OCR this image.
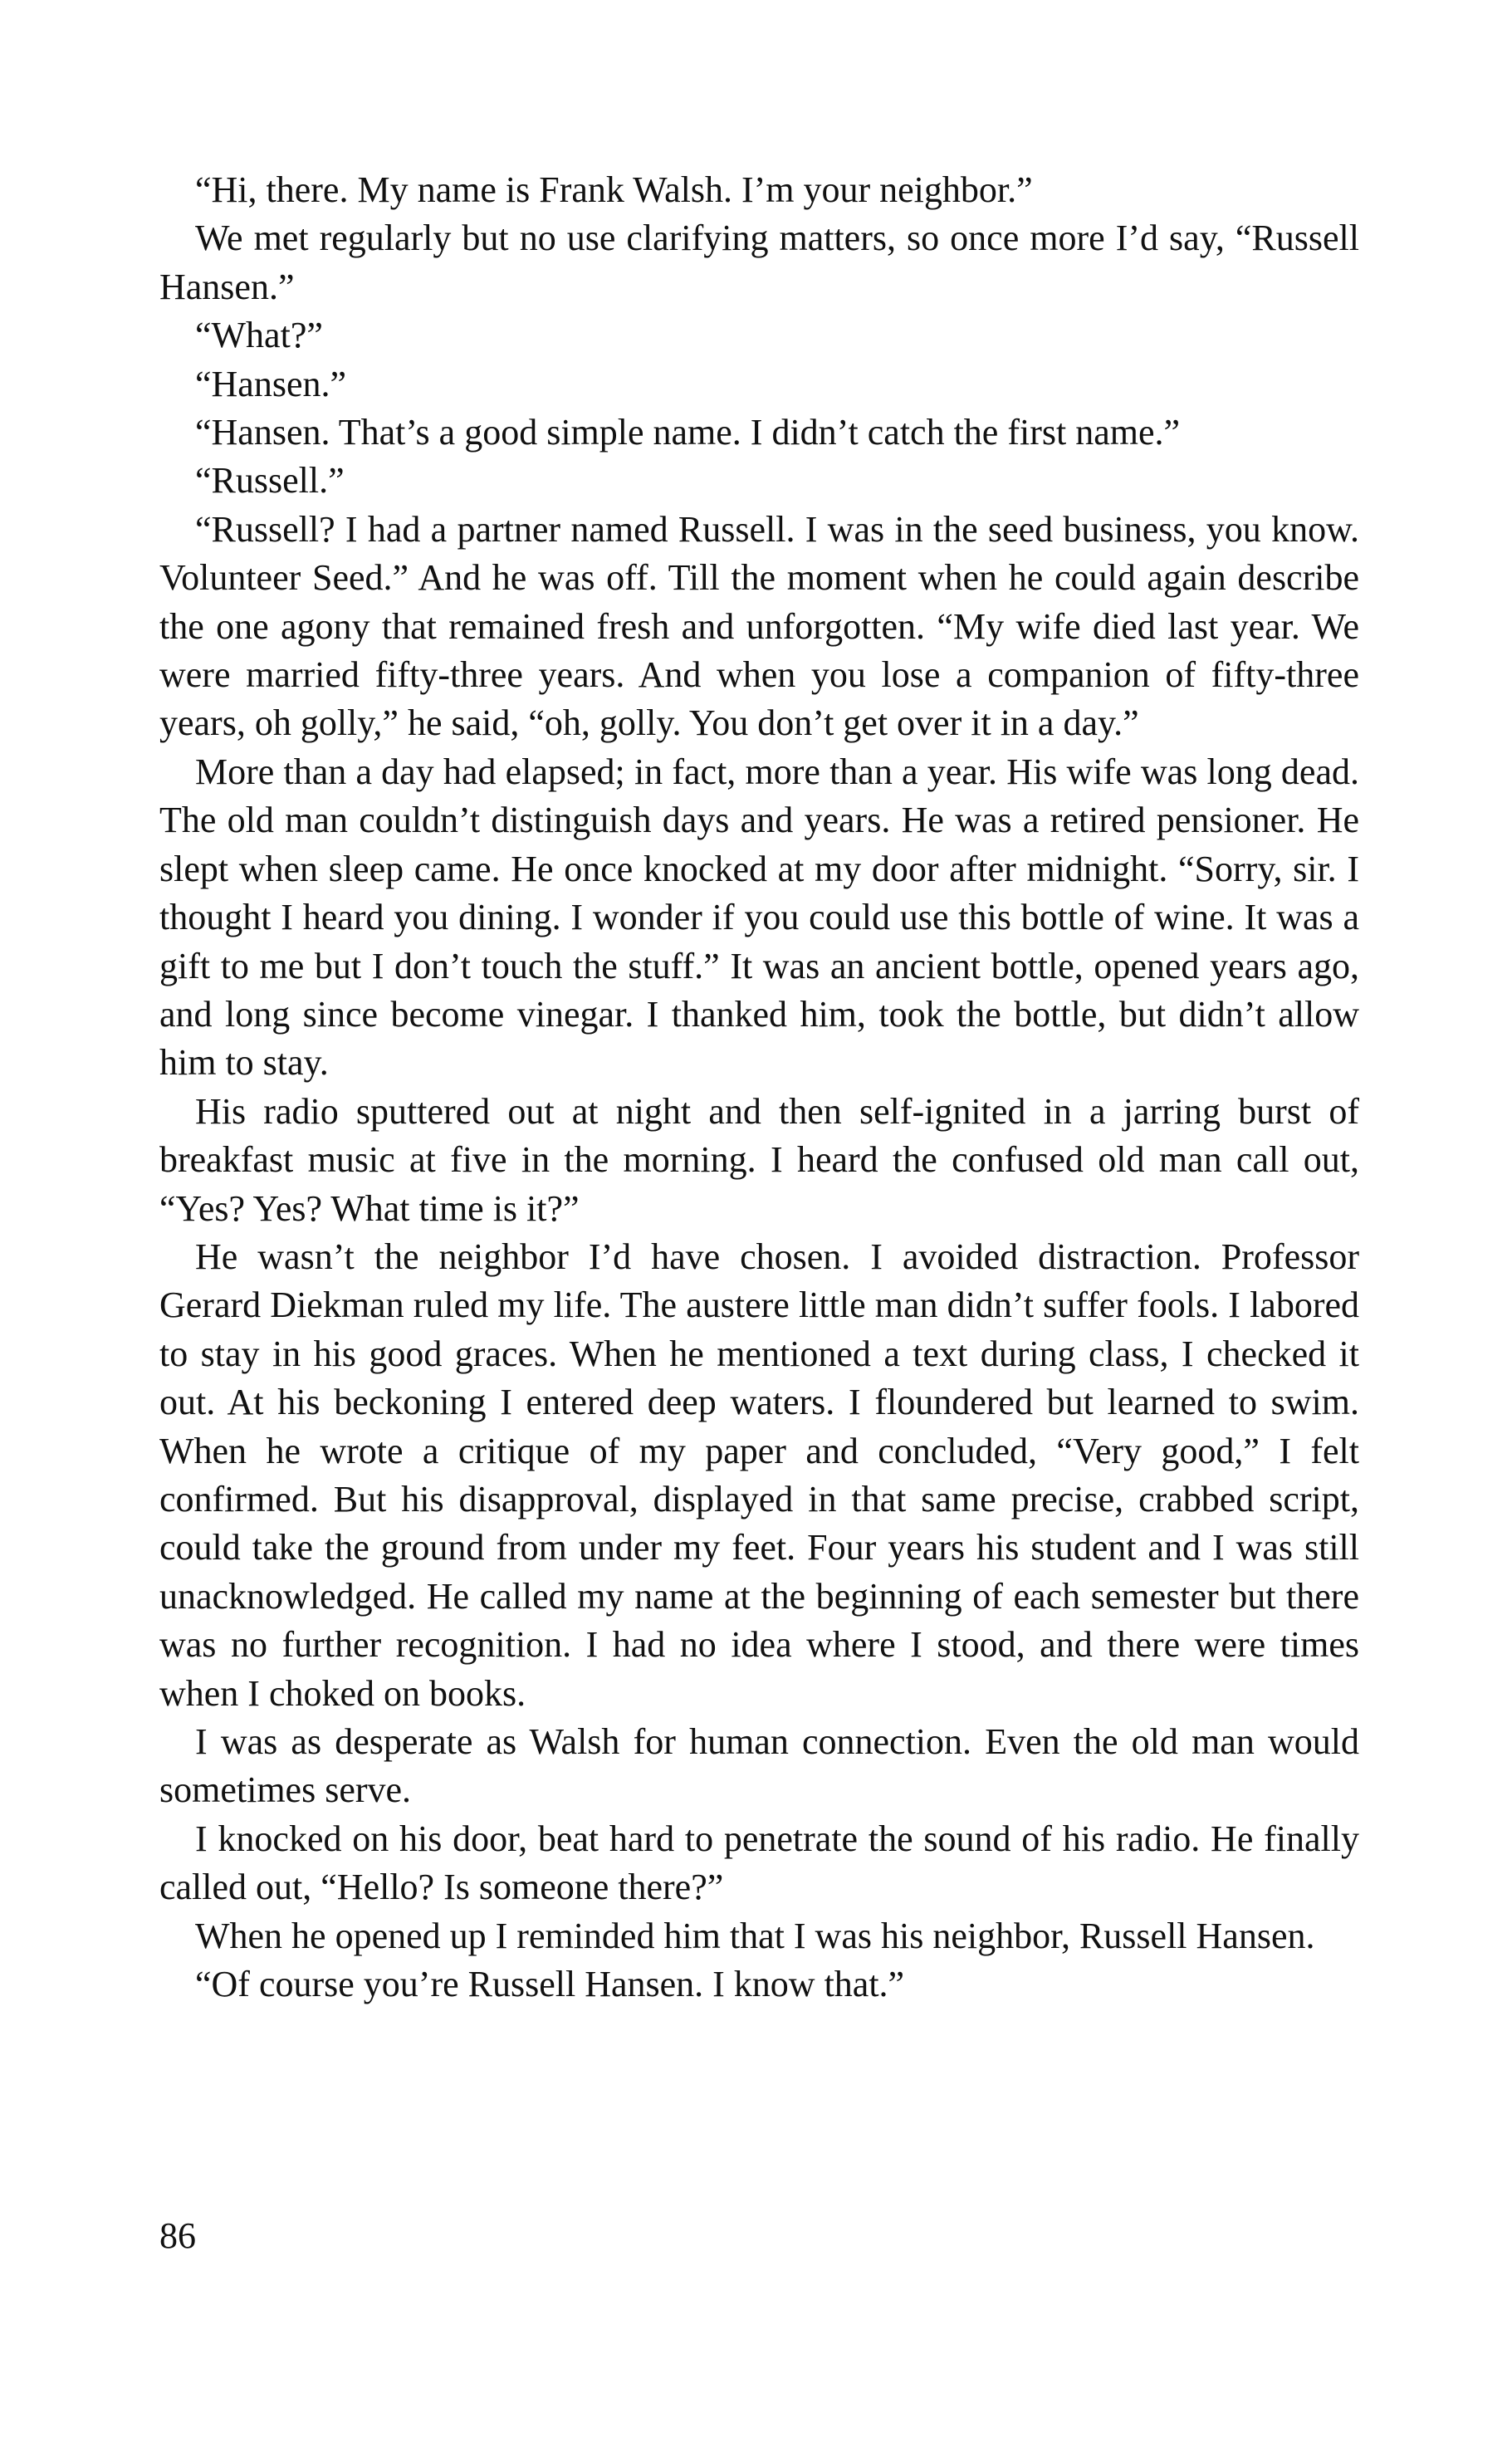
“Hi, there. My name is Frank Walsh. I’m your neighbor.”

We met regularly but no use clarifying matters, so once more I’d say, “Russell Hansen.”

“What?”

“Hansen.”

“Hansen. That’s a good simple name. I didn’t catch the first name.”

“Russell.”

“Russell? I had a partner named Russell. I was in the seed business, you know. Volunteer Seed.” And he was off. Till the moment when he could again describe the one agony that remained fresh and unforgotten. “My wife died last year. We were married fifty-three years. And when you lose a companion of fifty-three years, oh golly,” he said, “oh, golly. You don’t get over it in a day.”

More than a day had elapsed; in fact, more than a year. His wife was long dead. The old man couldn’t distinguish days and years. He was a retired pensioner. He slept when sleep came. He once knocked at my door after midnight. “Sorry, sir. I thought I heard you dining. I wonder if you could use this bottle of wine. It was a gift to me but I don’t touch the stuff.” It was an ancient bottle, opened years ago, and long since become vinegar. I thanked him, took the bottle, but didn’t allow him to stay.

His radio sputtered out at night and then self-ignited in a jarring burst of breakfast music at five in the morning. I heard the confused old man call out, “Yes? Yes? What time is it?”

He wasn’t the neighbor I’d have chosen. I avoided distraction. Professor Gerard Diekman ruled my life. The austere little man didn’t suffer fools. I labored to stay in his good graces. When he mentioned a text during class, I checked it out. At his beckoning I entered deep waters. I floundered but learned to swim. When he wrote a critique of my paper and concluded, “Very good,” I felt confirmed. But his disapproval, displayed in that same precise, crabbed script, could take the ground from under my feet. Four years his student and I was still unacknowledged. He called my name at the beginning of each semester but there was no further recognition. I had no idea where I stood, and there were times when I choked on books.

I was as desperate as Walsh for human connection. Even the old man would sometimes serve.

I knocked on his door, beat hard to penetrate the sound of his radio. He finally called out, “Hello? Is someone there?”

When he opened up I reminded him that I was his neighbor, Russell Hansen.

“Of course you’re Russell Hansen. I know that.”

86
